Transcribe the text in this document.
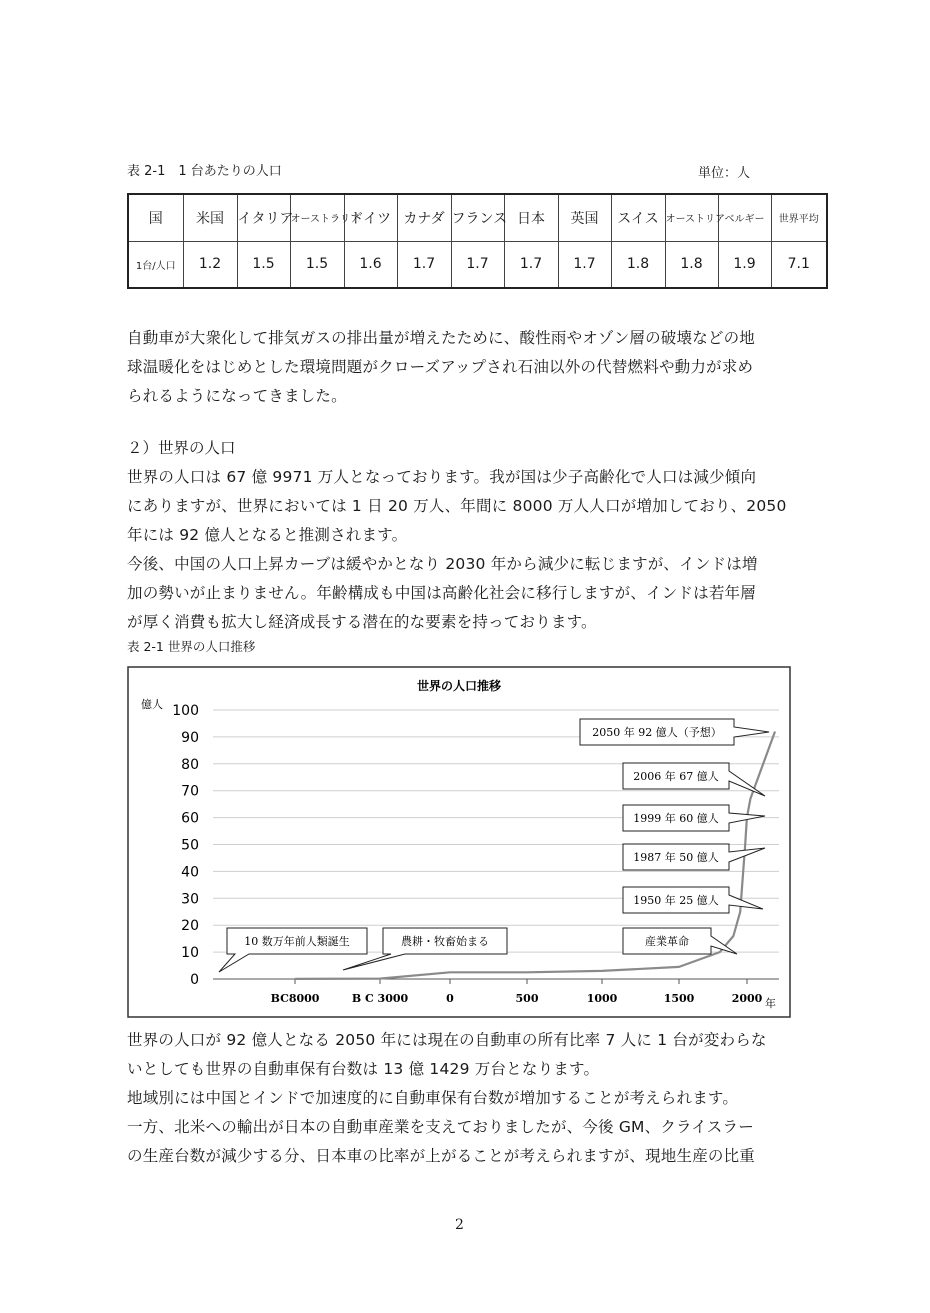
表 2-1　1 台あたりの人口	単位：人
国	米国	イタリア	オーストラリア	ドイツ	カナダ	フランス	日本	英国	スイス	オーストリア	ベルギー	世界平均
1台/人口	1.2	1.5	1.5	1.6	1.7	1.7	1.7	1.7	1.8	1.8	1.9	7.1

自動車が大衆化して排気ガスの排出量が増えたために、酸性雨やオゾン層の破壊などの地

球温暖化をはじめとした環境問題がクローズアップされ石油以外の代替燃料や動力が求め

られるようになってきました。

２）世界の人口

世界の人口は 67 億 9971 万人となっております。我が国は少子高齢化で人口は減少傾向

にありますが、世界においては 1 日 20 万人、年間に 8000 万人人口が増加しており、2050

年には 92 億人となると推測されます。

今後、中国の人口上昇カーブは緩やかとなり 2030 年から減少に転じますが、インドは増

加の勢いが止まりません。年齢構成も中国は高齢化社会に移行しますが、インドは若年層

が厚く消費も拡大し経済成長する潜在的な要素を持っております。

表 2-1 世界の人口推移
世界の人口推移
億人
年
0
10
20
30
40
50
60
70
80
90
100
BC8000	B C 3000	0	500	1000	1500	2000
10 数万年前人類誕生	農耕・牧畜始まる	産業革命
1950 年 25 億人
1987 年 50 億人
1999 年 60 億人
2006 年 67 億人
2050 年 92 億人（予想）

世界の人口が 92 億人となる 2050 年には現在の自動車の所有比率 7 人に 1 台が変わらな

いとしても世界の自動車保有台数は 13 億 1429 万台となります。

地域別には中国とインドで加速度的に自動車保有台数が増加することが考えられます。

一方、北米への輸出が日本の自動車産業を支えておりましたが、今後 GM、クライスラー

の生産台数が減少する分、日本車の比率が上がることが考えられますが、現地生産の比重

2
